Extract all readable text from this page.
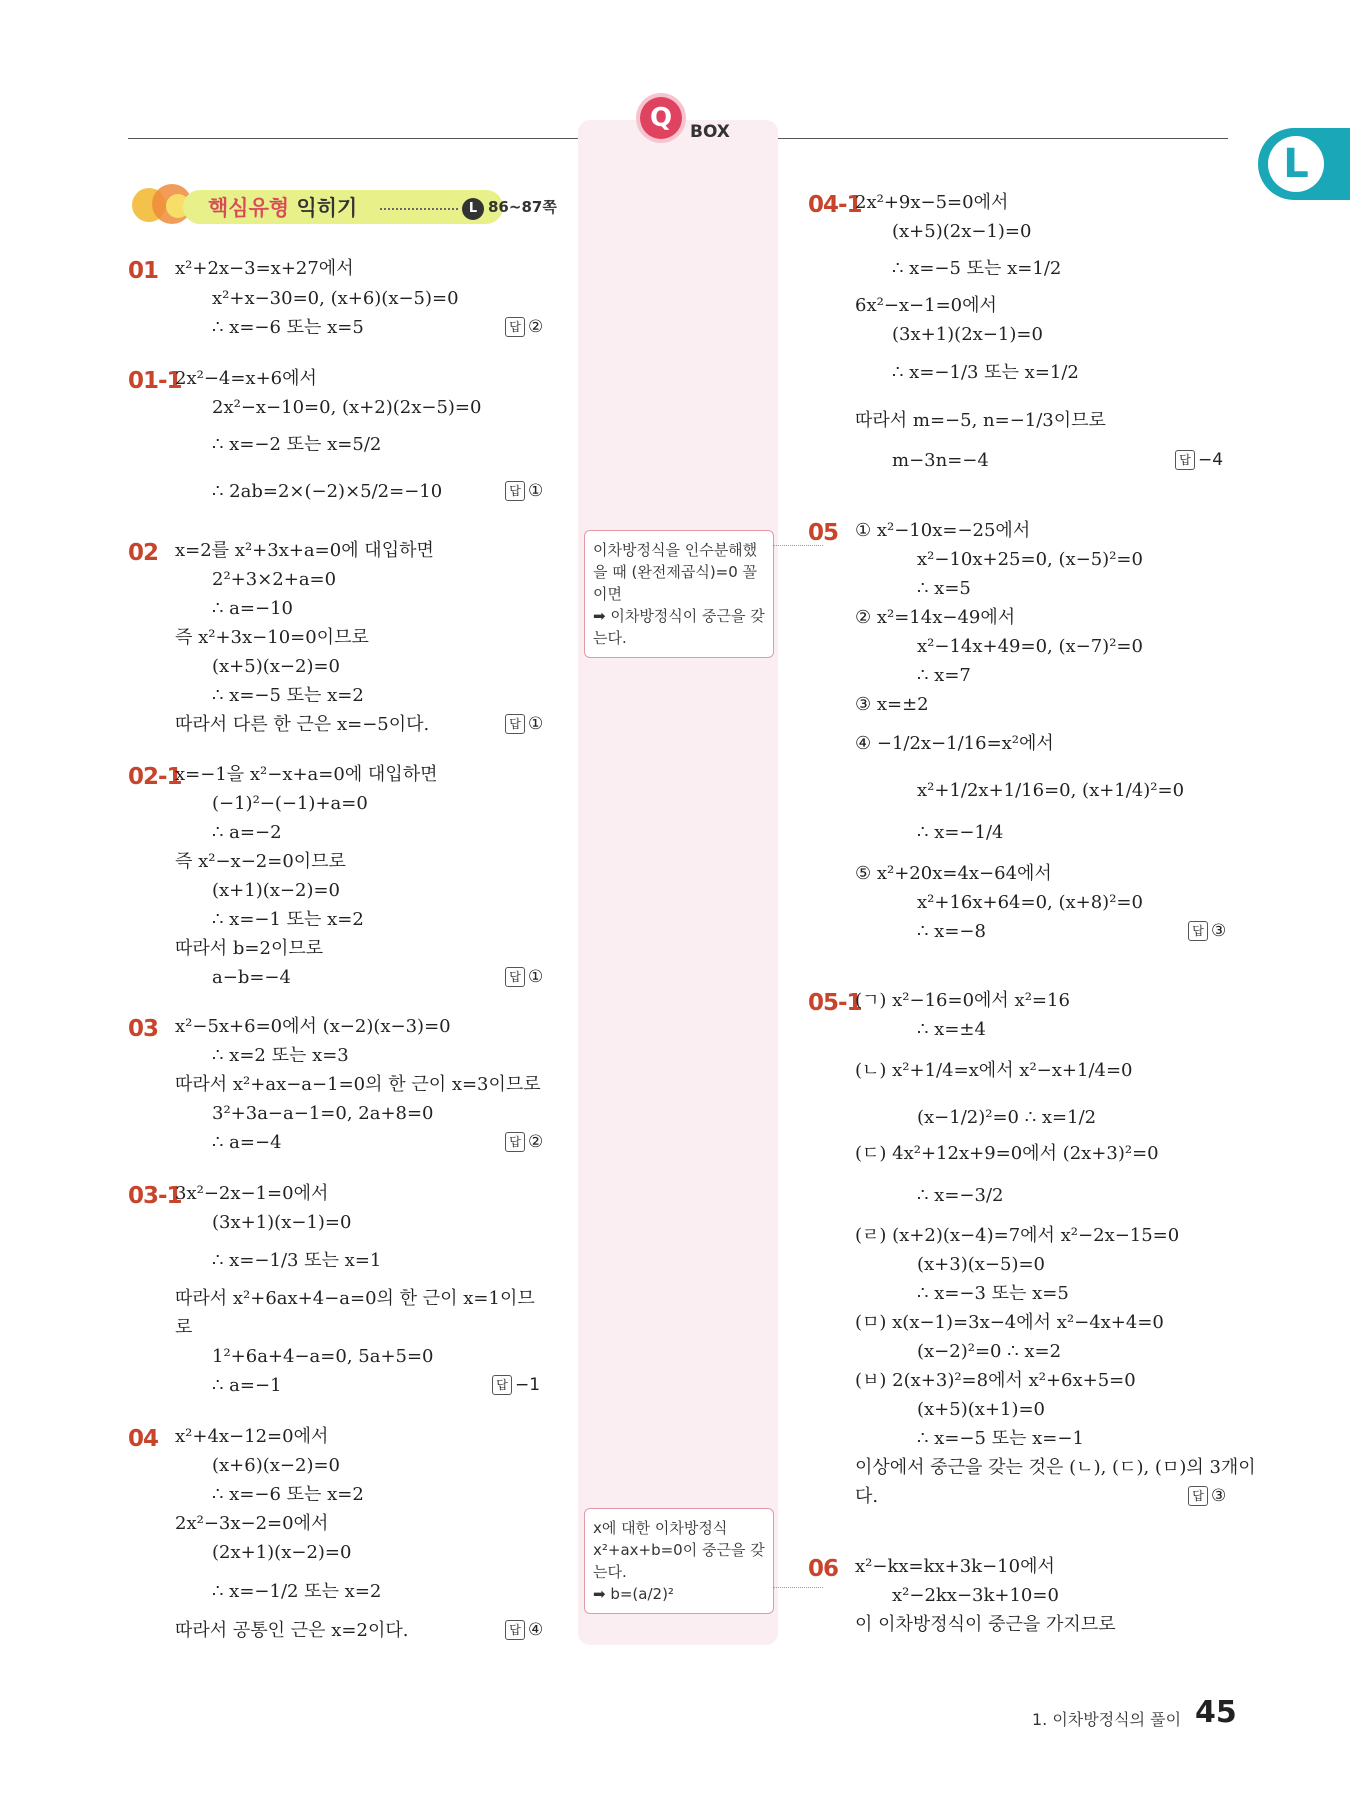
Q	BOX
L
핵심유형 익히기	L 86~87쪽
01
01-1
02
02-1
03
03-1
04
x²+2x−3=x+27에서
x²+x−30=0, (x+6)(x−5)=0
∴ x=−6 또는 x=5
2x²−4=x+6에서
2x²−x−10=0, (x+2)(2x−5)=0
∴ x=−2 또는 x=5/2
∴ 2ab=2×(−2)×5/2=−10
x=2를 x²+3x+a=0에 대입하면
2²+3×2+a=0
∴ a=−10
즉 x²+3x−10=0이므로
(x+5)(x−2)=0
∴ x=−5 또는 x=2
따라서 다른 한 근은 x=−5이다.
x=−1을 x²−x+a=0에 대입하면
(−1)²−(−1)+a=0
∴ a=−2
즉 x²−x−2=0이므로
(x+1)(x−2)=0
∴ x=−1 또는 x=2
따라서 b=2이므로
a−b=−4
x²−5x+6=0에서 (x−2)(x−3)=0
∴ x=2 또는 x=3
따라서 x²+ax−a−1=0의 한 근이 x=3이므로
3²+3a−a−1=0, 2a+8=0
∴ a=−4
3x²−2x−1=0에서
(3x+1)(x−1)=0
∴ x=−1/3 또는 x=1
따라서 x²+6ax+4−a=0의 한 근이 x=1이므
로
1²+6a+4−a=0, 5a+5=0
∴ a=−1
x²+4x−12=0에서
(x+6)(x−2)=0
∴ x=−6 또는 x=2
2x²−3x−2=0에서
(2x+1)(x−2)=0
∴ x=−1/2 또는 x=2
따라서 공통인 근은 x=2이다.
답 ②
답 ①
답 ①
답 ①
답 ②
답 −1
답 ④
04-1
05
05-1
06
2x²+9x−5=0에서
(x+5)(2x−1)=0
∴ x=−5 또는 x=1/2
6x²−x−1=0에서
(3x+1)(2x−1)=0
∴ x=−1/3 또는 x=1/2
따라서 m=−5, n=−1/3이므로
m−3n=−4
① x²−10x=−25에서
x²−10x+25=0, (x−5)²=0
∴ x=5
② x²=14x−49에서
x²−14x+49=0, (x−7)²=0
∴ x=7
③ x=±2
④ −1/2x−1/16=x²에서
x²+1/2x+1/16=0, (x+1/4)²=0
∴ x=−1/4
⑤ x²+20x=4x−64에서
x²+16x+64=0, (x+8)²=0
∴ x=−8
(ㄱ) x²−16=0에서 x²=16
∴ x=±4
(ㄴ) x²+1/4=x에서 x²−x+1/4=0
(x−1/2)²=0 ∴ x=1/2
(ㄷ) 4x²+12x+9=0에서 (2x+3)²=0
∴ x=−3/2
(ㄹ) (x+2)(x−4)=7에서 x²−2x−15=0
(x+3)(x−5)=0
∴ x=−3 또는 x=5
(ㅁ) x(x−1)=3x−4에서 x²−4x+4=0
(x−2)²=0 ∴ x=2
(ㅂ) 2(x+3)²=8에서 x²+6x+5=0
(x+5)(x+1)=0
∴ x=−5 또는 x=−1
이상에서 중근을 갖는 것은 (ㄴ), (ㄷ), (ㅁ)의 3개이
다.
x²−kx=kx+3k−10에서
x²−2kx−3k+10=0
이 이차방정식이 중근을 가지므로
답 −4
답 ③
답 ③
이차방정식을 인수분해했을 때 (완전제곱식)=0 꼴이면
➡ 이차방정식이 중근을 갖는다.
x에 대한 이차방정식 x²+ax+b=0이 중근을 갖는다.
➡ b=(a/2)²
1. 이차방정식의 풀이 45
